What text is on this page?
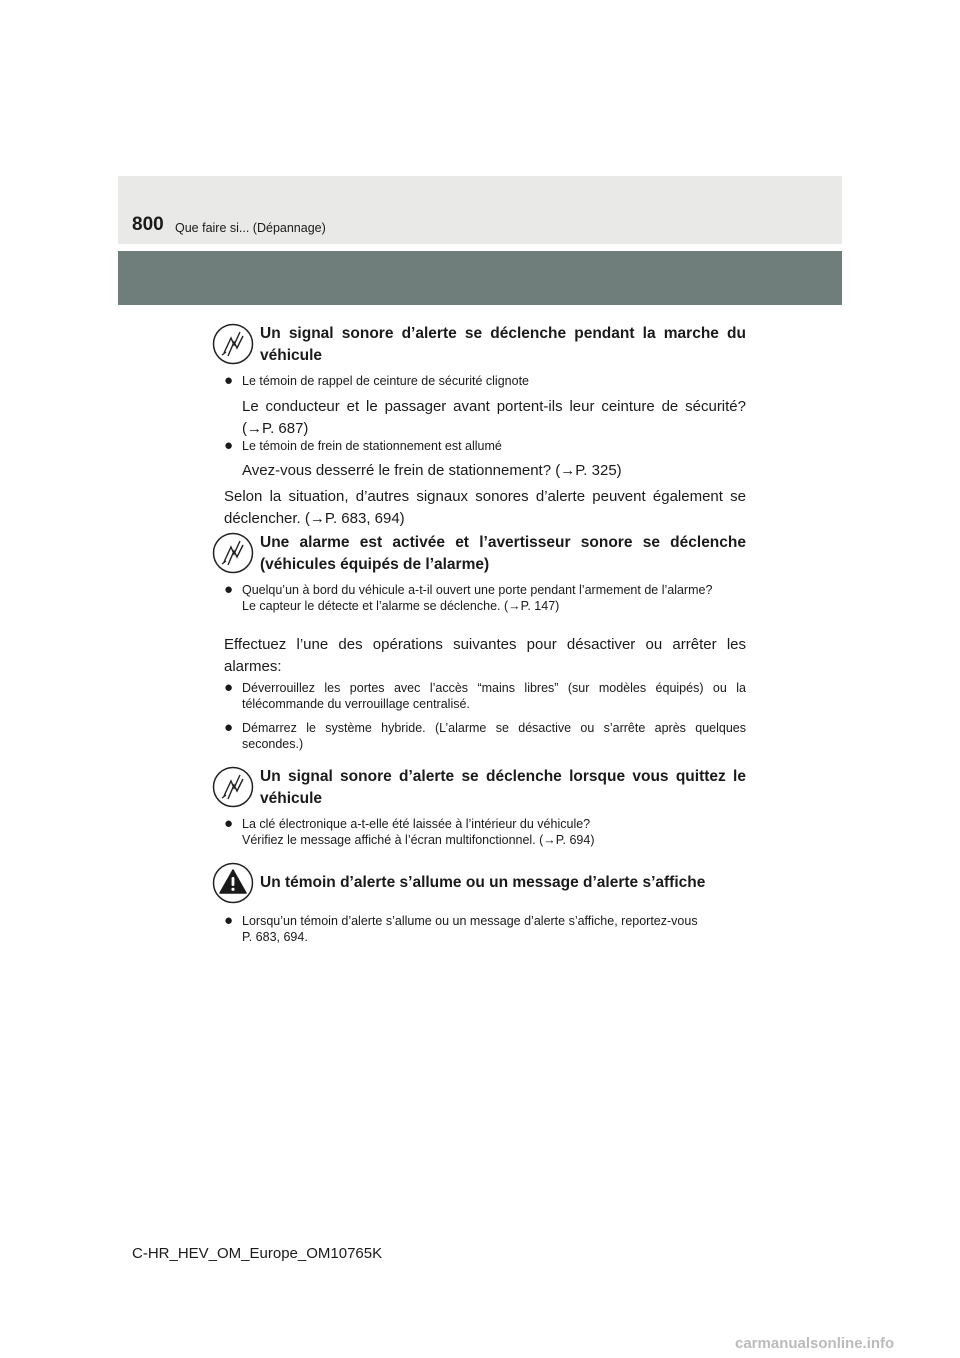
800 Que faire si... (Dépannage)
Un signal sonore d’alerte se déclenche pendant la marche du véhicule
● Le témoin de rappel de ceinture de sécurité clignote
Le conducteur et le passager avant portent-ils leur ceinture de sécurité? (→P. 687)
● Le témoin de frein de stationnement est allumé
Avez-vous desserré le frein de stationnement? (→P. 325)
Selon la situation, d’autres signaux sonores d’alerte peuvent également se déclencher. (→P. 683, 694)
Une alarme est activée et l’avertisseur sonore se déclenche (véhicules équipés de l’alarme)
● Quelqu’un à bord du véhicule a-t-il ouvert une porte pendant l’armement de l’alarme?
Le capteur le détecte et l’alarme se déclenche. (→P. 147)
Effectuez l’une des opérations suivantes pour désactiver ou arrêter les alarmes:
● Déverrouillez les portes avec l’accès “mains libres” (sur modèles équipés) ou la télécommande du verrouillage centralisé.
● Démarrez le système hybride. (L’alarme se désactive ou s’arrête après quelques secondes.)
Un signal sonore d’alerte se déclenche lorsque vous quittez le véhicule
● La clé électronique a-t-elle été laissée à l’intérieur du véhicule?
Vérifiez le message affiché à l’écran multifonctionnel. (→P. 694)
Un témoin d’alerte s’allume ou un message d’alerte s’affiche
● Lorsqu’un témoin d’alerte s’allume ou un message d’alerte s’affiche, reportez-vous
P. 683, 694.
C-HR_HEV_OM_Europe_OM10765K
carmanualsonline.info
